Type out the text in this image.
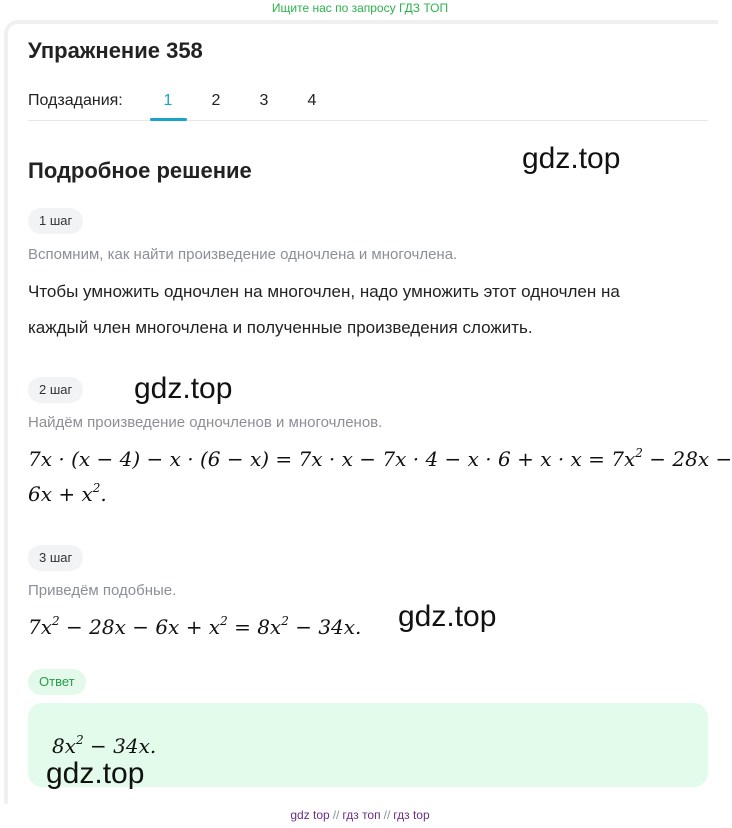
Ищите нас по запросу ГДЗ ТОП
Упражнение 358
Подзадания:	1	2	3	4
Подробное решение	gdz.top
gdz.top
gdz.top
gdz.top
1 шаг

Вспомним, как найти произведение одночлена и многочлена.

Чтобы умножить одночлен на многочлен, надо умножить этот одночлен на

каждый член многочлена и полученные произведения сложить.

2 шаг

Найдём произведение одночленов и многочленов.

$7x \cdot (x - 4) - x \cdot (6 - x) = 7x \cdot x - 7x \cdot 4 - x \cdot 6 + x \cdot x = 7x^2 - 28x$ −
$6x + x^2$.
3 шаг

Приведём подобные.

$7x^2 - 28x - 6x + x^2 = 8x^2 - 34x$.
Ответ
$8x^2 - 34x$.
gdz top // гдз топ // гдз top
